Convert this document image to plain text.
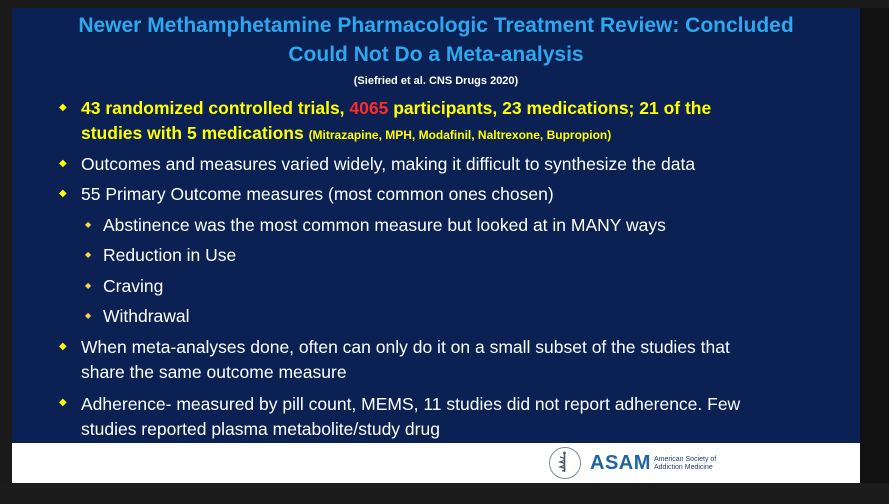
Newer Methamphetamine Pharmacologic Treatment Review: Concluded
Could Not Do a Meta-analysis
(Siefried et al. CNS Drugs 2020)
◆ 43 randomized controlled trials, 4065 participants, 23 medications; 21 of the
studies with 5 medications (Mitrazapine, MPH, Modafinil, Naltrexone, Bupropion)
◆ Outcomes and measures varied widely, making it difficult to synthesize the data
◆ 55 Primary Outcome measures (most common ones chosen)
◆ Abstinence was the most common measure but looked at in MANY ways
◆ Reduction in Use
◆ Craving
◆ Withdrawal
◆ When meta-analyses done, often can only do it on a small subset of the studies that
share the same outcome measure
◆ Adherence- measured by pill count, MEMS, 11 studies did not report adherence. Few
studies reported plasma metabolite/study drug
ASAM American Society of
Addiction Medicine
